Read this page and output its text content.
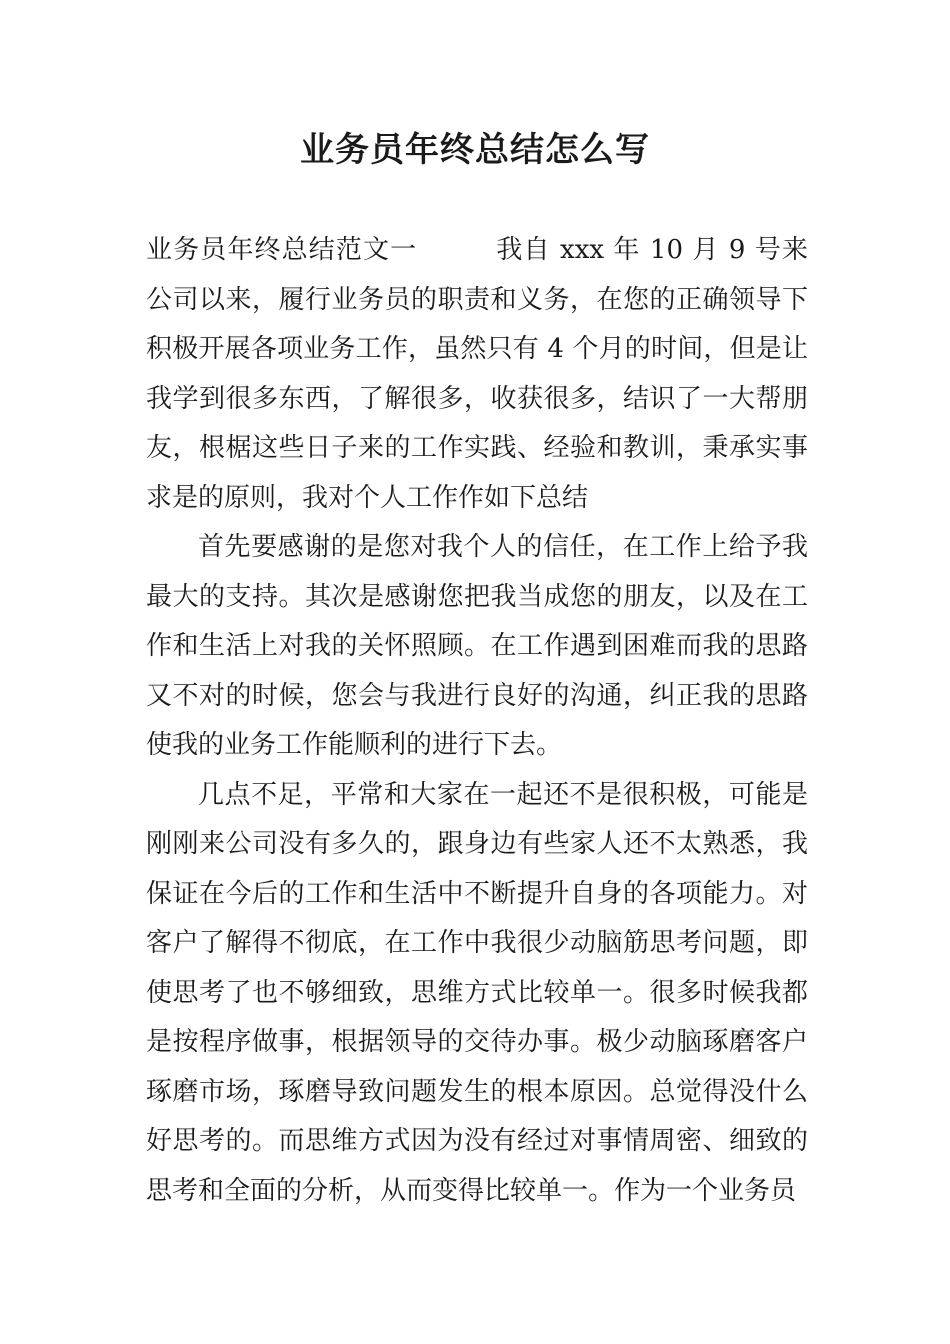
业务员年终总结怎么写

业务员年终总结范文一	我自 xxx 年 10 月 9 号来公司以来，履行业务员的职责和义务，在您的正确领导下积极开展各项业务工作，虽然只有 4 个月的时间，但是让我学到很多东西，了解很多，收获很多，结识了一大帮朋友，根椐这些日子来的工作实践、经验和教训，秉承实事求是的原则，我对个人工作作如下总结

首先要感谢的是您对我个人的信任，在工作上给予我最大的支持。其次是感谢您把我当成您的朋友，以及在工作和生活上对我的关怀照顾。在工作遇到困难而我的思路又不对的时候，您会与我进行良好的沟通，纠正我的思路使我的业务工作能顺利的进行下去。

几点不足，平常和大家在一起还不是很积极，可能是刚刚来公司没有多久的，跟身边有些家人还不太熟悉，我保证在今后的工作和生活中不断提升自身的各项能力。对客户了解得不彻底，在工作中我很少动脑筋思考问题，即使思考了也不够细致，思维方式比较单一。很多时候我都是按程序做事，根据领导的交待办事。极少动脑琢磨客户琢磨市场，琢磨导致问题发生的根本原因。总觉得没什么好思考的。而思维方式因为没有经过对事情周密、细致的思考和全面的分析，从而变得比较单一。作为一个业务员
